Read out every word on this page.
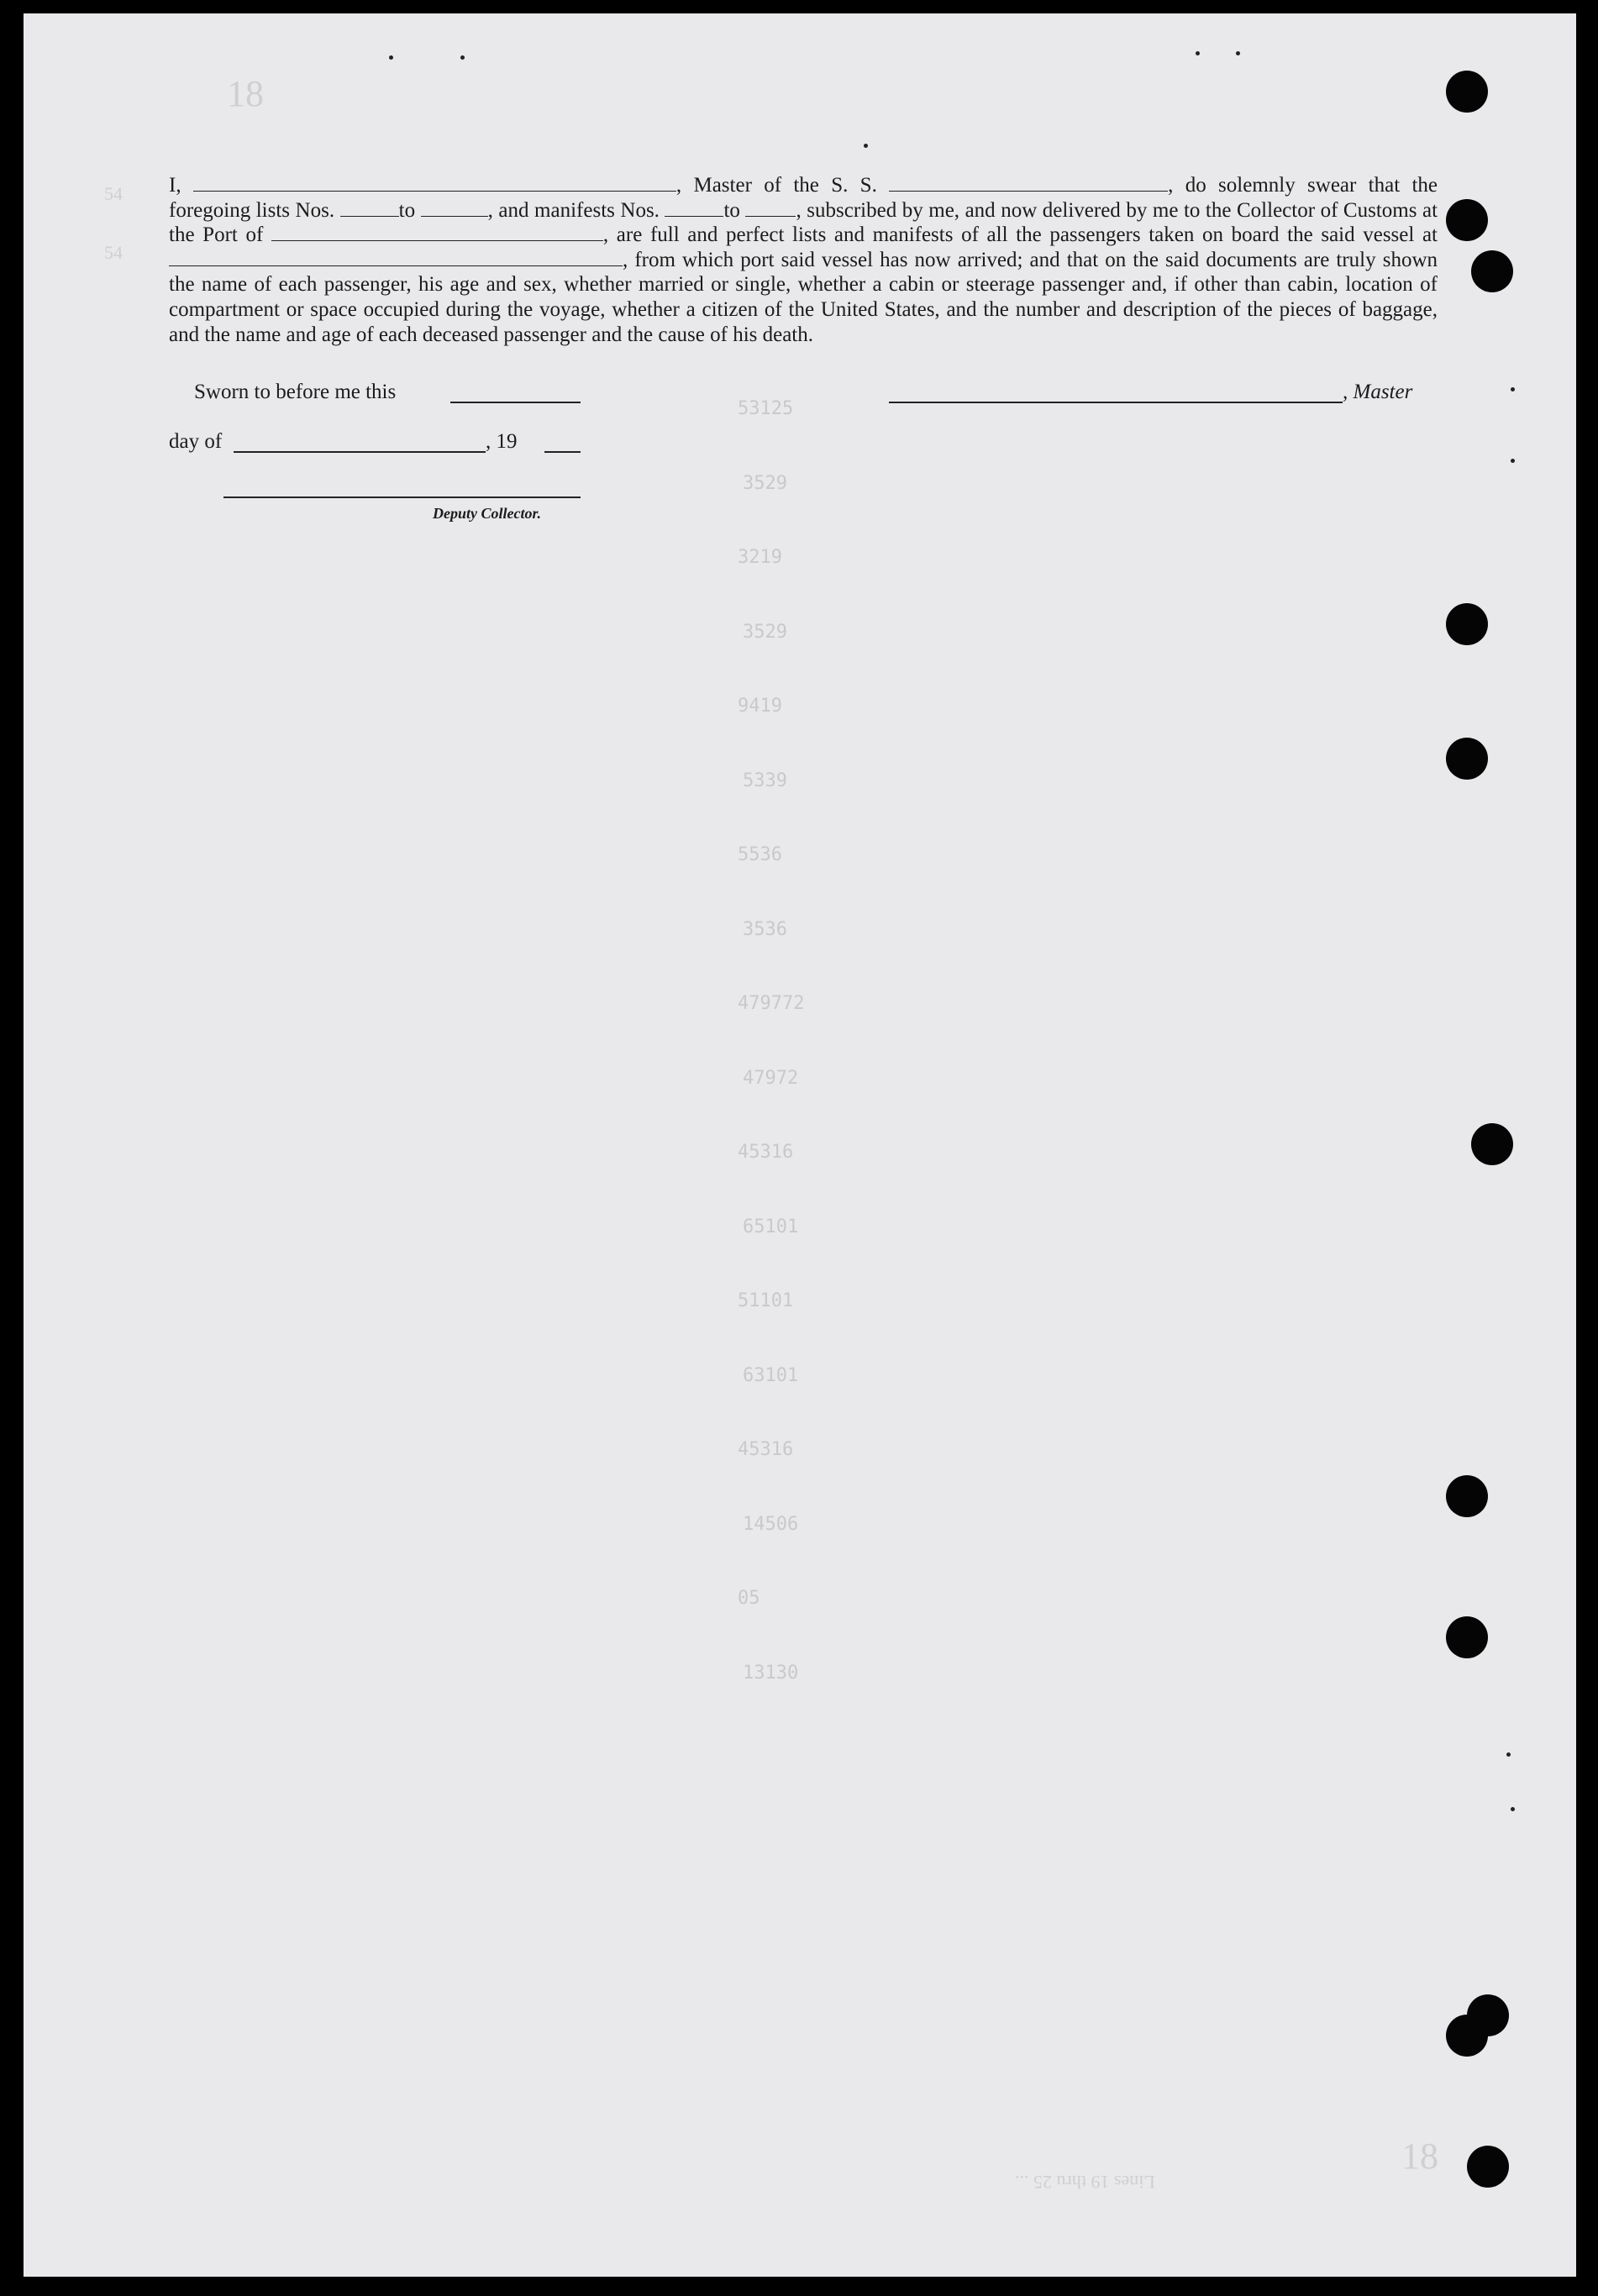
18
54
54
18
Lines 19 thru 25 ...
53125
3529
3219
3529
9419
5339
5536
3536
479772
47972
45316
65101
51101
63101
45316
14506
05
13130
I,	, Master of the S. S.	, do solemnly swear that the foregoing lists Nos.	to	, and manifests Nos.	to	, subscribed by me, and now delivered by me to the Collector of Customs at the Port of	, are full and perfect lists and manifests of all the passengers taken on board the said vessel at , from which port said vessel has now arrived; and that on the said documents are truly shown the name of each passenger, his age and sex, whether married or single, whether a cabin or steerage passenger and, if other than cabin, location of compartment or space occupied during the voyage, whether a citizen of the United States, and the number and description of the pieces of baggage, and the name and age of each deceased passenger and the cause of his death.
Sworn to before me this
day of	, 19
Deputy Collector.
, Master
